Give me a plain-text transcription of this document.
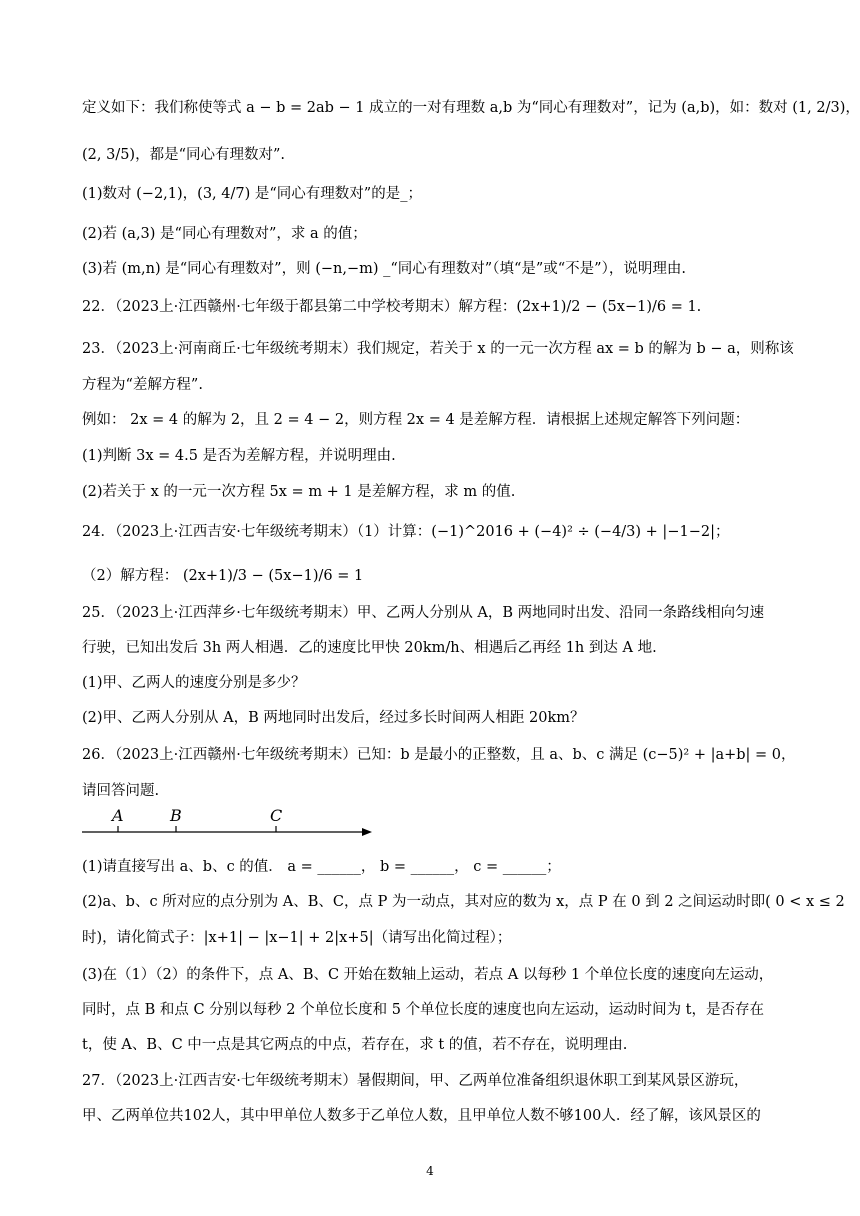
定义如下：我们称使等式 a − b = 2ab − 1 成立的一对有理数 a,b 为“同心有理数对”，记为 (a,b)，如：数对 (1, 2/3)，
(2, 3/5)，都是“同心有理数对”.
(1)数对 (−2,1)，(3, 4/7) 是“同心有理数对”的是_；
(2)若 (a,3) 是“同心有理数对”，求 a 的值；
(3)若 (m,n) 是“同心有理数对”，则 (−n,−m) _“同心有理数对”（填“是”或“不是”），说明理由.
22．（2023上·江西赣州·七年级于都县第二中学校考期末）解方程：(2x+1)/2 − (5x−1)/6 = 1.
23．（2023上·河南商丘·七年级统考期末）我们规定，若关于 x 的一元一次方程 ax = b 的解为 b − a，则称该
方程为“差解方程”.
例如： 2x = 4 的解为 2，且 2 = 4 − 2，则方程 2x = 4 是差解方程．请根据上述规定解答下列问题：
(1)判断 3x = 4.5 是否为差解方程，并说明理由.
(2)若关于 x 的一元一次方程 5x = m + 1 是差解方程，求 m 的值.
24．（2023上·江西吉安·七年级统考期末）（1）计算：(−1)^2016 + (−4)² ÷ (−4/3) + |−1−2|；
（2）解方程： (2x+1)/3 − (5x−1)/6 = 1
25．（2023上·江西萍乡·七年级统考期末）甲、乙两人分别从 A，B 两地同时出发、沿同一条路线相向匀速
行驶，已知出发后 3h 两人相遇．乙的速度比甲快 20km/h、相遇后乙再经 1h 到达 A 地.
(1)甲、乙两人的速度分别是多少？
(2)甲、乙两人分别从 A，B 两地同时出发后，经过多长时间两人相距 20km？
26．（2023上·江西赣州·七年级统考期末）已知：b 是最小的正整数，且 a、b、c 满足 (c−5)² + |a+b| = 0，
请回答问题.
A	B	C
(1)请直接写出 a、b、c 的值． a = ______， b = ______， c = ______；
(2)a、b、c 所对应的点分别为 A、B、C，点 P 为一动点，其对应的数为 x，点 P 在 0 到 2 之间运动时即( 0 < x ≤ 2
时)，请化简式子：|x+1| − |x−1| + 2|x+5|（请写出化简过程）；
(3)在（1）（2）的条件下，点 A、B、C 开始在数轴上运动，若点 A 以每秒 1 个单位长度的速度向左运动，
同时，点 B 和点 C 分别以每秒 2 个单位长度和 5 个单位长度的速度也向左运动，运动时间为 t，是否存在
t，使 A、B、C 中一点是其它两点的中点，若存在，求 t 的值，若不存在，说明理由.
27．（2023上·江西吉安·七年级统考期末）暑假期间，甲、乙两单位准备组织退休职工到某风景区游玩，
甲、乙两单位共102人，其中甲单位人数多于乙单位人数，且甲单位人数不够100人．经了解，该风景区的
4
